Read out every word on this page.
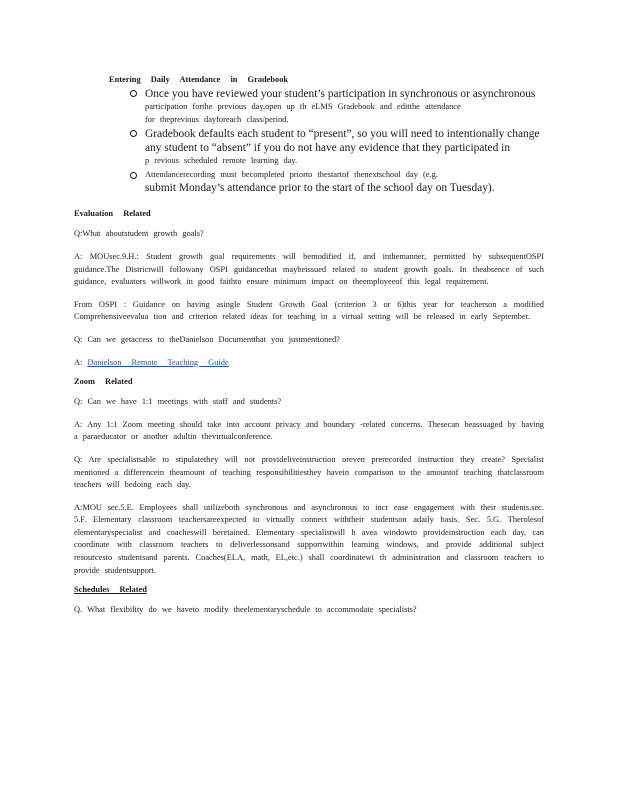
Entering Daily Attendance in Gradebook
Once you have reviewed your student’s participation in synchronous or asynchronous
participation forthe previous day,open up th eLMS Gradebook and editthe attendance
for theprevious dayforeach class/period.
Gradebook defaults each student to “present”, so you will need to intentionally change
any student to “absent” if you do not have any evidence that they participated in
p revious scheduled remote learning day.
Attendancerecording must becompleted priorto thestartof thenextschool day (e.g.
submit Monday’s attendance prior to the start of the school day on Tuesday).

Evaluation Related

Q:What aboutstudent growth goals?

A: MOUsec.9.H.: Student growth goal requirements will bemodified if, and inthemanner, permitted by subsequentOSPI guidance.The Districtwill followany OSPI guidancethat maybeissued related to student growth goals. In theabsence of such guidance, evaluators willwork in good faithto ensure minimum impact on theemployeeof this legal requirement.

From OSPI : Guidance on having asingle Student Growth Goal (criterion 3 or 6)this year for teacherson a modified Comprehensiveevalua tion and criterion related ideas for teaching in a virtual setting will be released in early September.

Q: Can we getaccess to theDanielson Documentthat you justmentioned?

A: Danielson Remote Teaching Guide

Zoom Related

Q: Can we have 1:1 meetings with staff and students?

A: Any 1:1 Zoom meeting should take into account privacy and boundary -related concerns. Thesecan beassuaged by having a paraeducator or another adultin thevirtualconference.

Q: Are specialistsable to stipulatethey will not provideliveinstruction oreven prerecorded instruction they create? Specialist mentioned a differencein theamount of teaching responsibilitiesthey havein comparison to the amountof teaching thatclassroom teachers will bedoing each day.

A:MOU sec.5.E. Employees shall utilizeboth synchronous and asynchronous to incr ease engagement with their students.sec. 5.F. Elementary classroom teachersareexpected to virtually connect withtheir studentson adaily basis. Sec. 5.G. Therolesof elementaryspecialist and coacheswill beretained. Elementary specialistwill h avea windowto provideinstruction each day, can coordinate with classroom teachers to deliverlessonsand supportwithin learning windows, and provide additional subject resourcesto studentsand parents. Coaches(ELA, math, EL,etc.) shall coordinatewi th administration and classroom teachers to provide studentsupport.

Schedules Related

Q. What flexibility do we haveto modify theelementaryschedule to accommodate specialists?
